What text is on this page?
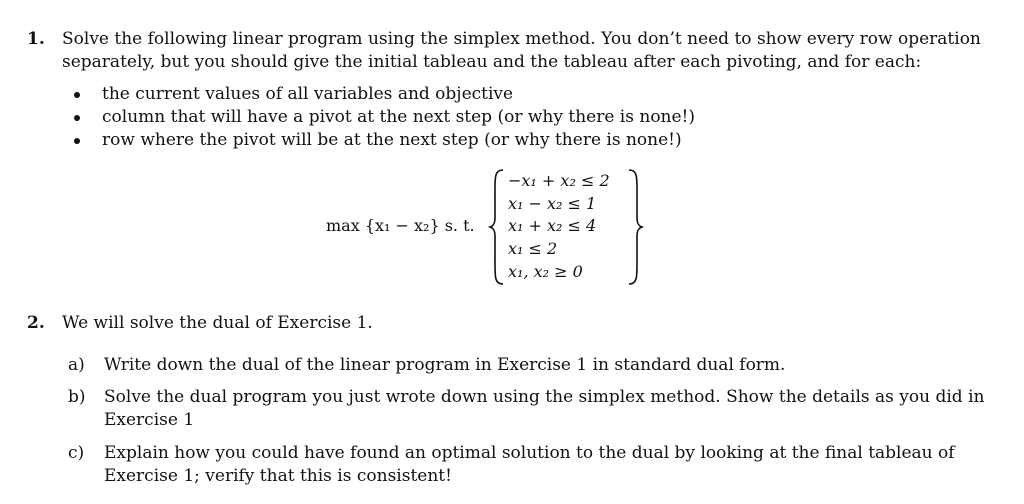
1. Solve the following linear program using the simplex method. You don’t need to show every row operation
separately, but you should give the initial tableau and the tableau after each pivoting, and for each:
the current values of all variables and objective
column that will have a pivot at the next step (or why there is none!)
row where the pivot will be at the next step (or why there is none!)
max {x₁ − x₂} s. t.
−x₁ + x₂ ≤ 2
x₁ − x₂ ≤ 1
x₁ + x₂ ≤ 4
x₁ ≤ 2
x₁, x₂ ≥ 0
2. We will solve the dual of Exercise 1.
a) Write down the dual of the linear program in Exercise 1 in standard dual form.
b) Solve the dual program you just wrote down using the simplex method. Show the details as you did in
Exercise 1
c) Explain how you could have found an optimal solution to the dual by looking at the final tableau of
Exercise 1; verify that this is consistent!
